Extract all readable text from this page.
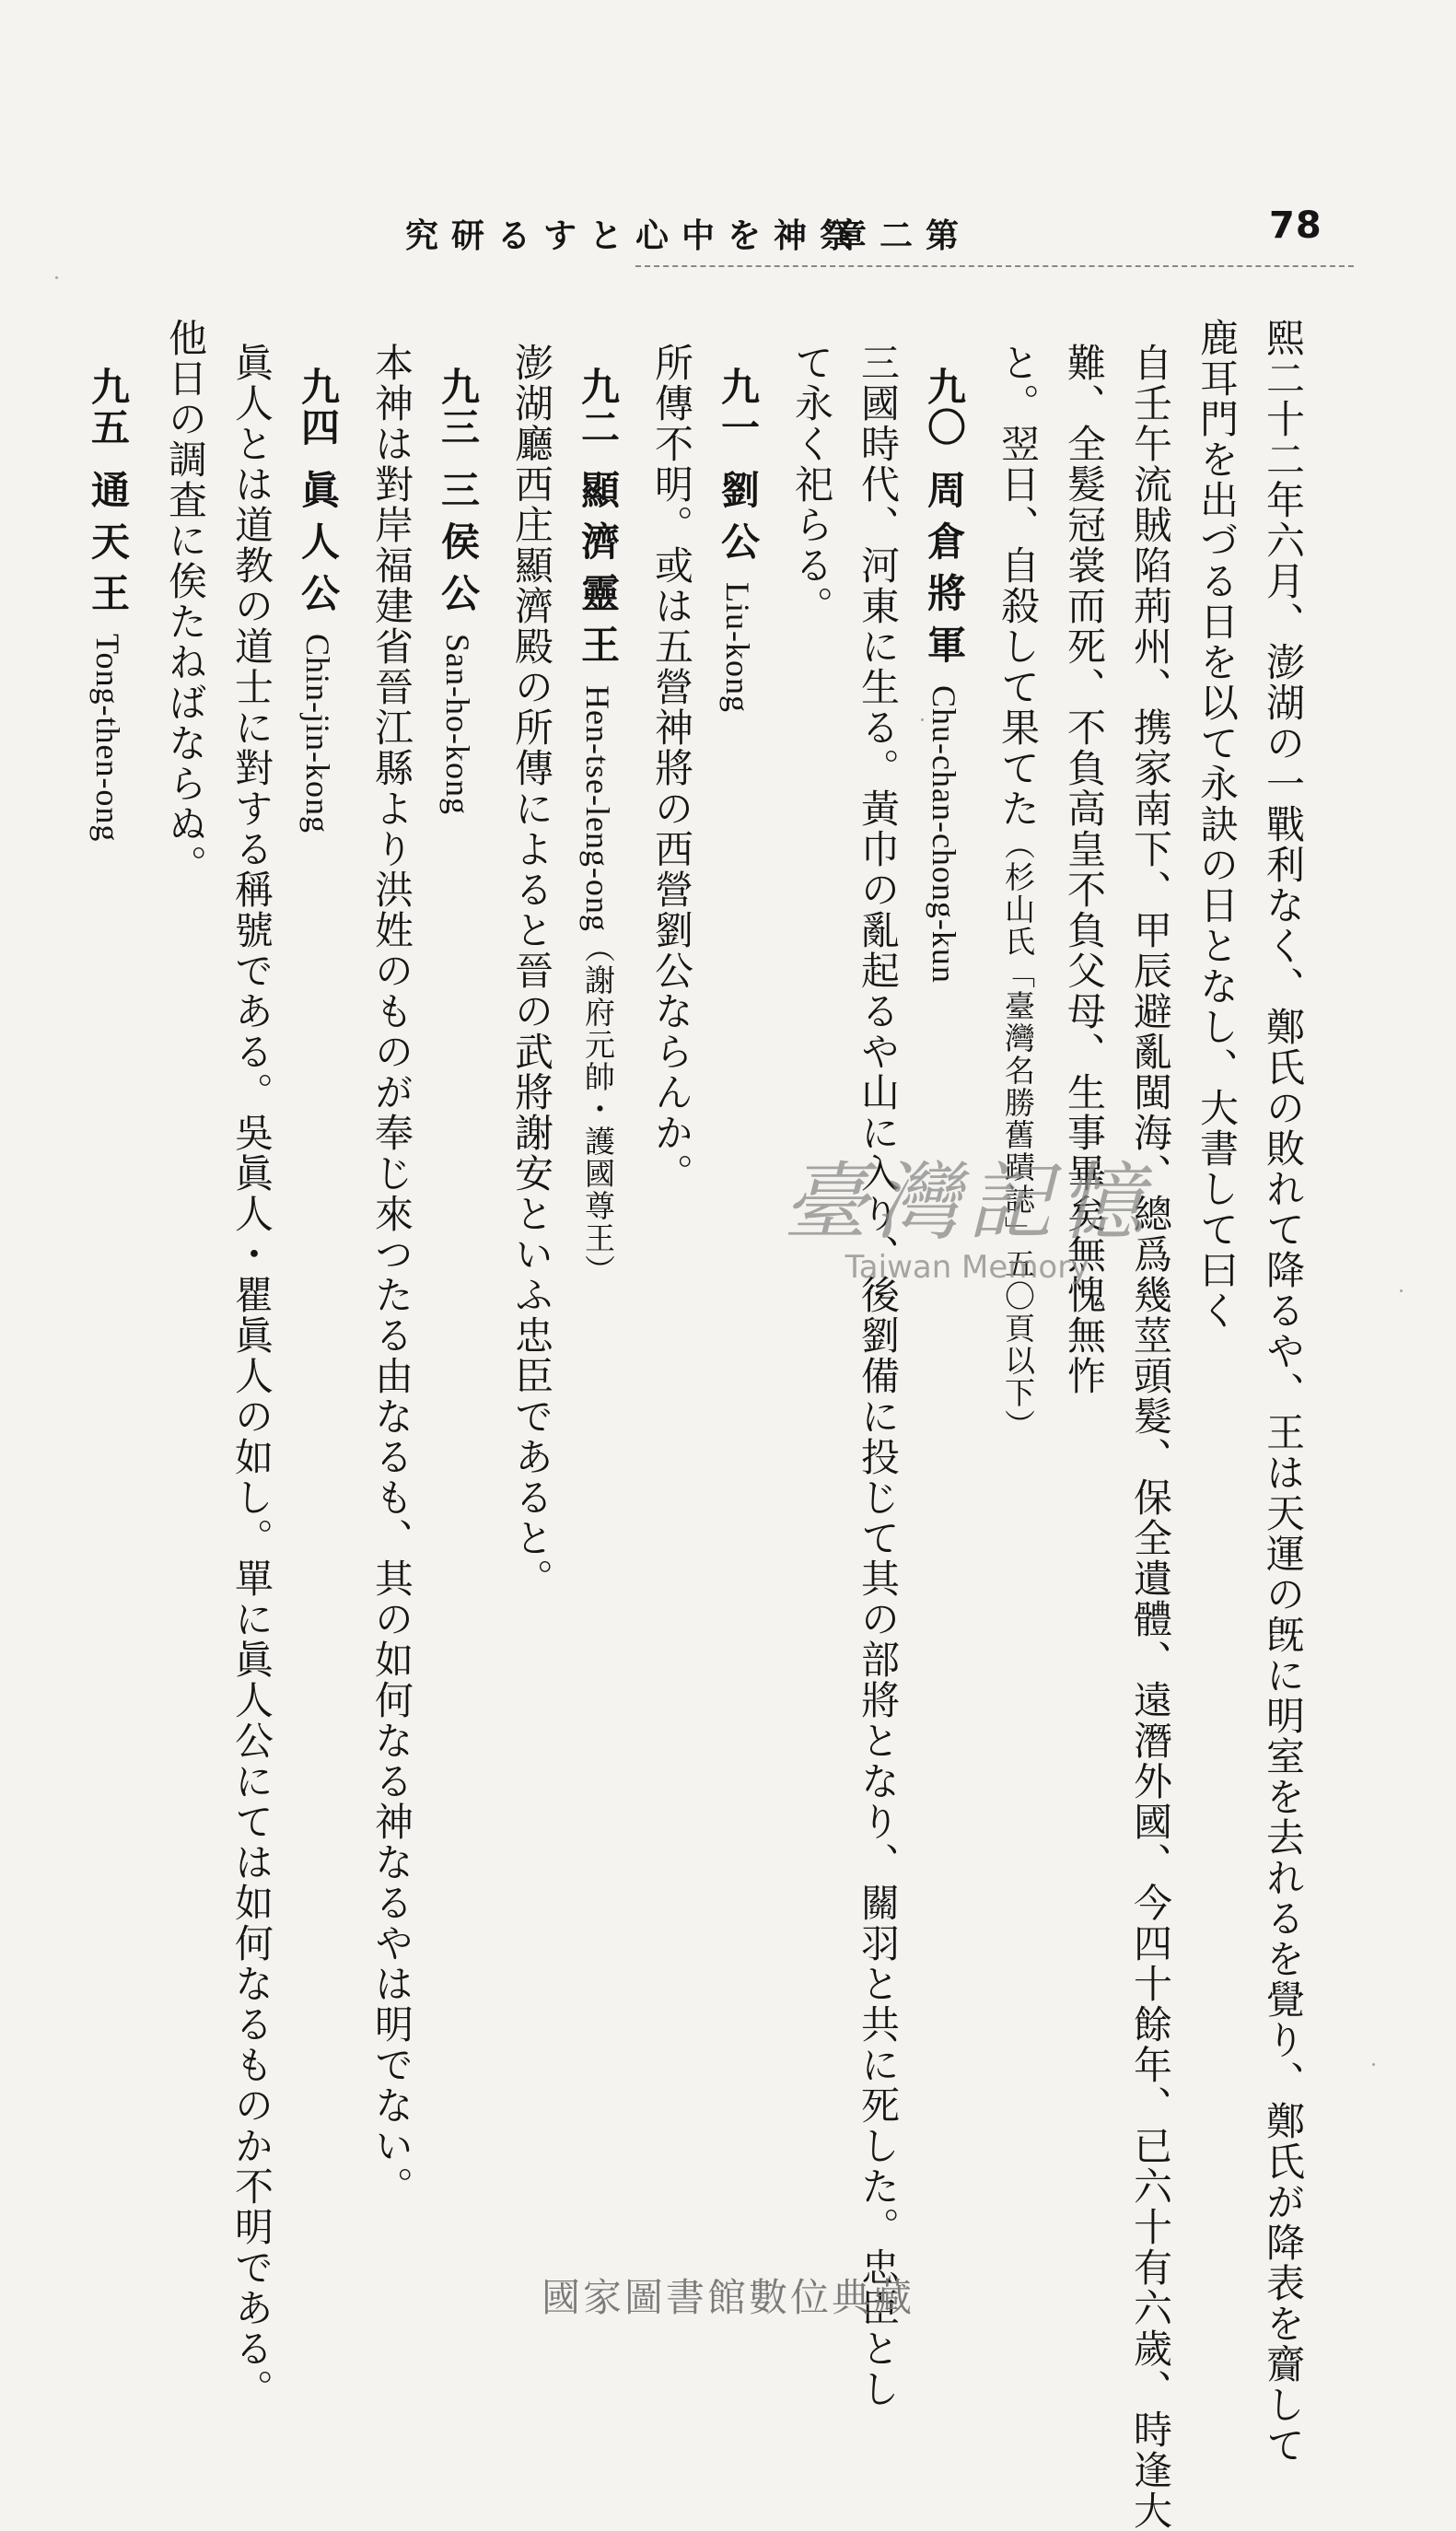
78
第二章
祭神を中心とする研究
熙二十二年六月、澎湖の一戰利なく、鄭氏の敗れて降るや、王は天運の旣に明室を去れるを覺り、鄭氏が降表を齎して
鹿耳門を出づる日を以て永訣の日となし、大書して曰く
自壬午流賊陷荊州、携家南下、甲辰避亂閩海、總爲幾莖頭髮、保全遺體、遠潛外國、今四十餘年、已六十有六歲、時逢大
難、全髮冠裳而死、不負高皇不負父母、生事畢矣無愧無怍
と。翌日、自殺して果てた（杉山氏「臺灣名勝舊蹟誌」五〇頁以下）
九〇周倉將軍Chu-chan-chong-kun
三國時代、河東に生る。黃巾の亂起るや山に入り、後劉備に投じて其の部將となり、關羽と共に死した。忠臣とし
て永く祀らる。
九一劉公Liu-kong
所傳不明。或は五營神將の西營劉公ならんか。
九二顯濟靈王Hen-tse-leng-ong（謝府元帥・護國尊王）
澎湖廳西庄顯濟殿の所傳によると晉の武將謝安といふ忠臣であると。
九三三侯公San-ho-kong
本神は對岸福建省晉江縣より洪姓のものが奉じ來つたる由なるも、其の如何なる神なるやは明でない。
九四眞人公Chin-jin-kong
眞人とは道教の道士に對する稱號である。吳眞人・瞿眞人の如し。單に眞人公にては如何なるものか不明である。
他日の調査に俟たねばならぬ。
九五通天王Tong-then-ong
臺灣記憶
Taiwan Memory
國家圖書館數位典藏
